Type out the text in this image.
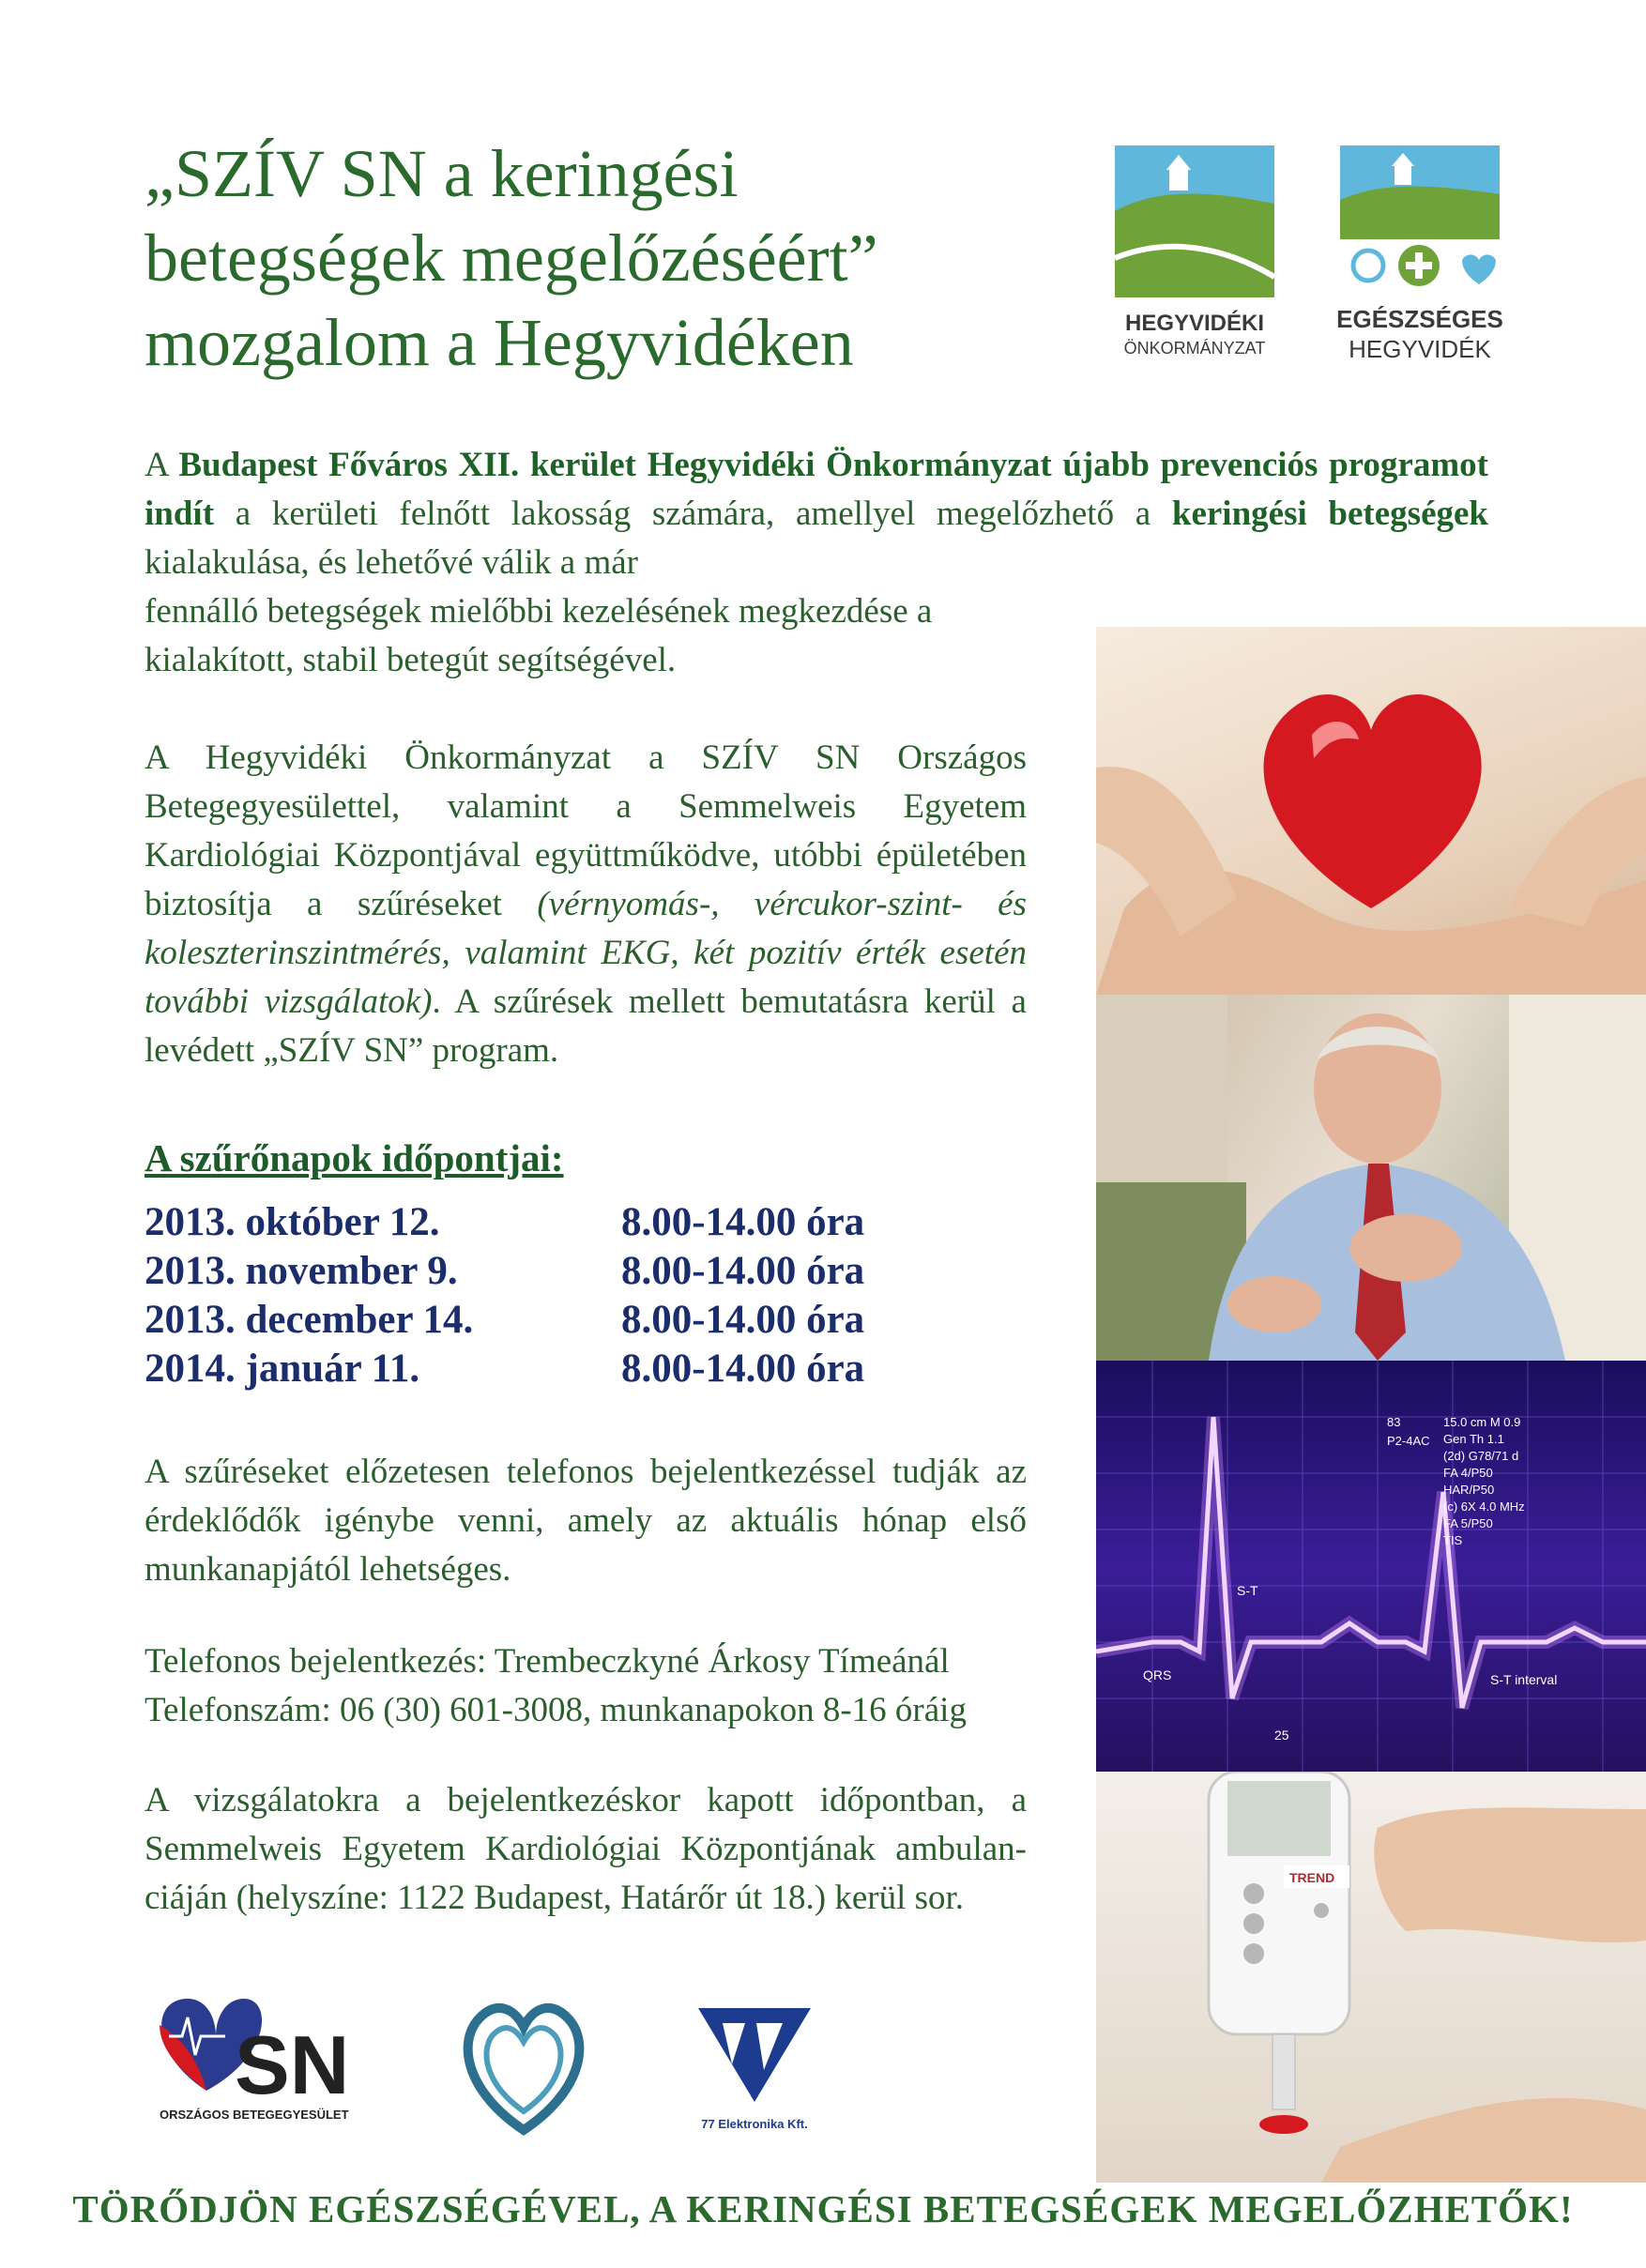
„SZÍV SN a keringési
betegségek megelőzéséért”
mozgalom a Hegyvidéken	HEGYVIDÉKI
ÖNKORMÁNYZAT
EGÉSZSÉGES
HEGYVIDÉK

A Budapest Főváros XII. kerület Hegyvidéki Önkormányzat újabb prevenciós programot indít a kerületi felnőtt lakosság számára, amellyel megelőzhető a keringési betegségek kialakulása, és lehetővé válik a már

fennálló betegségek mielőbbi kezelésének megkezdése a kialakított, stabil betegút segítségével.

A Hegyvidéki Önkormányzat a SZÍV SN Országos Betegegyesülettel, valamint a Semmelweis Egyetem Kardiológiai Központjával együttműködve, utóbbi épületében biztosítja a szűréseket (vérnyomás-, vércukor-szint- és koleszterinszintmérés, valamint EKG, két pozitív érték esetén további vizsgálatok). A szűrések mellett bemutatásra kerül a levédett „SZÍV SN” program.

A szűrőnapok időpontjai:
2013. október 12.	8.00-14.00 óra
2013. november 9.	8.00-14.00 óra
2013. december 14.	8.00-14.00 óra
2014. január 11.	8.00-14.00 óra

A szűréseket előzetesen telefonos bejelentkezéssel tudják az érdeklődők igénybe venni, amely az aktuális hónap első munkanapjától lehetséges.

Telefonos bejelentkezés: Trembeczkyné Árkosy Tímeánál
Telefonszám: 06 (30) 601-3008, munkanapokon 8-16 óráig

A vizsgálatokra a bejelentkezéskor kapott időpontban, a Semmelweis Egyetem Kardiológiai Központjának ambulan-ciáján (helyszíne: 1122 Budapest, Határőr út 18.) kerül sor.

83
P2-4AC
15.0 cm M 0.9
Gen Th 1.1
(2d) G78/71 d
FA 4/P50
HAR/P50
(c) 6X 4.0 MHz
FA 5/P50
TIS
S-T
QRS	S-T interval
25
TREND
SN
ORSZÁGOS BETEGEGYESÜLET
77 Elektronika Kft.
TÖRŐDJÖN EGÉSZSÉGÉVEL, A KERINGÉSI BETEGSÉGEK MEGELŐZHETŐK!
